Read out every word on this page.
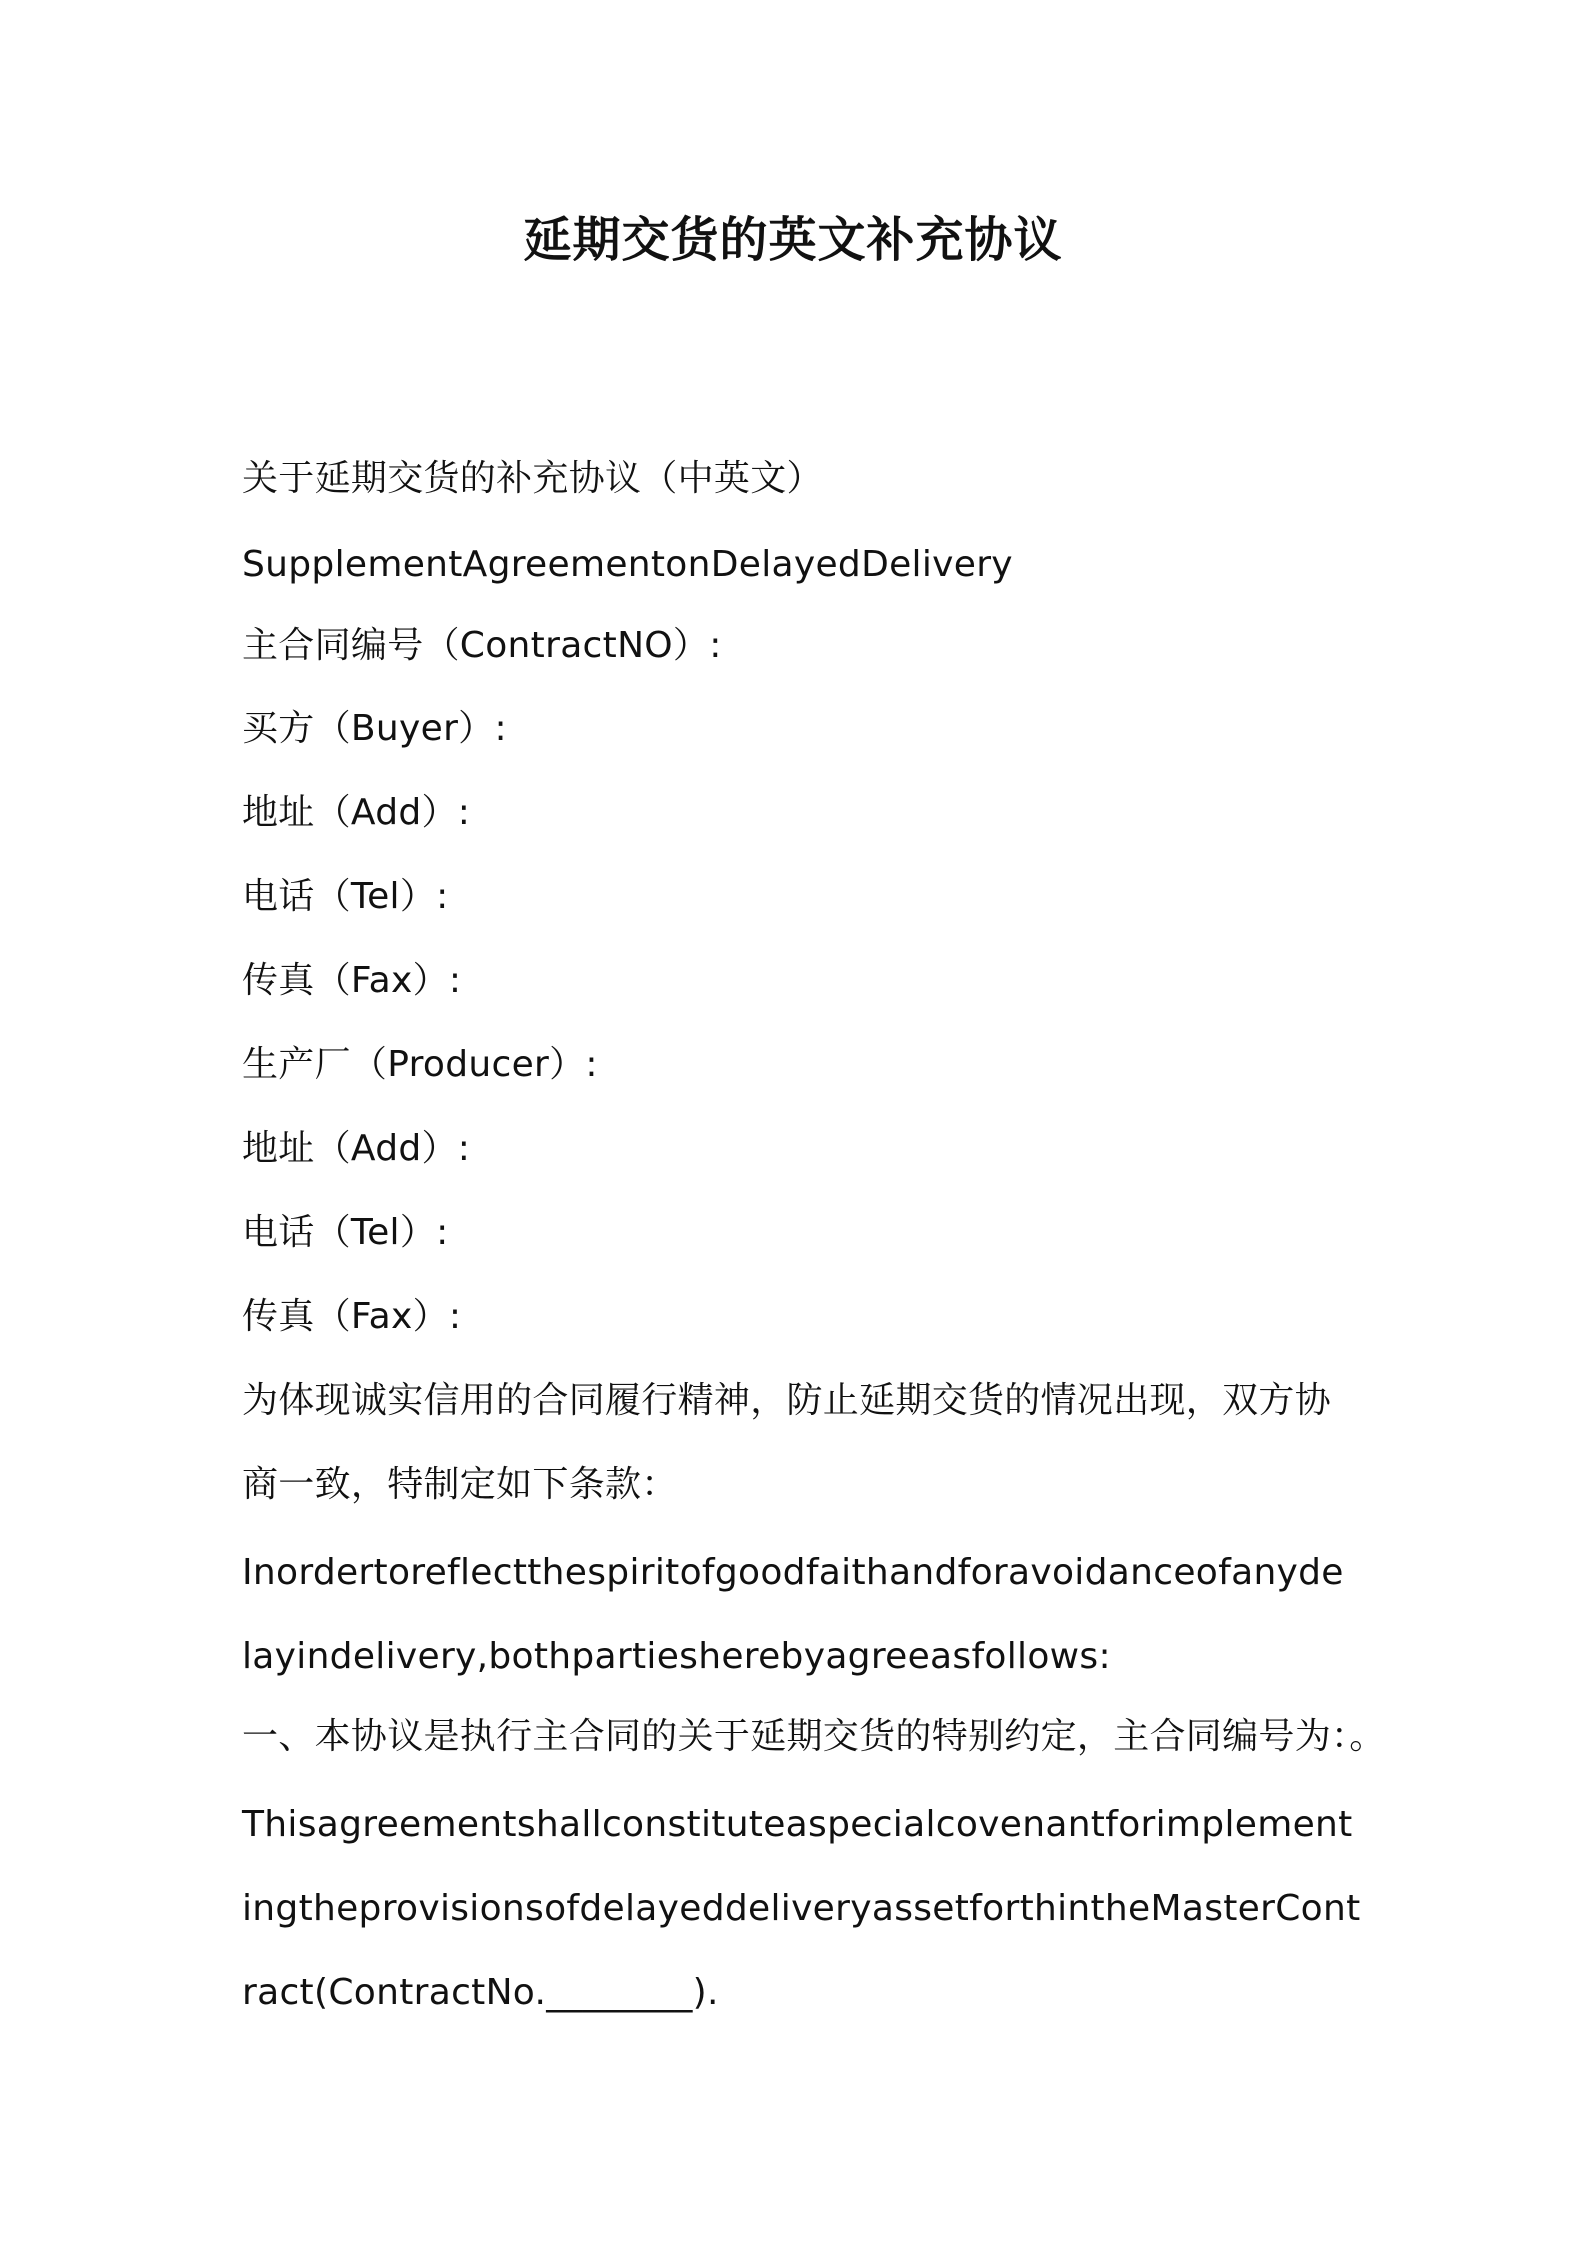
延期交货的英文补充协议

关于延期交货的补充协议（中英文）

SupplementAgreementonDelayedDelivery

主合同编号（ContractNO）:

买方（Buyer）:

地址（Add）:

电话（Tel）:

传真（Fax）:

生产厂（Producer）:

地址（Add）:

电话（Tel）:

传真（Fax）:

为体现诚实信用的合同履行精神，防止延期交货的情况出现，双方协

商一致，特制定如下条款：

Inordertoreflectthespiritofgoodfaithandforavoidanceofanyde

layindelivery,bothpartiesherebyagreeasfollows:

一、本协议是执行主合同的关于延期交货的特别约定，主合同编号为：。

Thisagreementshallconstituteaspecialcovenantforimplement

ingtheprovisionsofdelayeddeliveryassetforthintheMasterCont

ract(ContractNo.________).
